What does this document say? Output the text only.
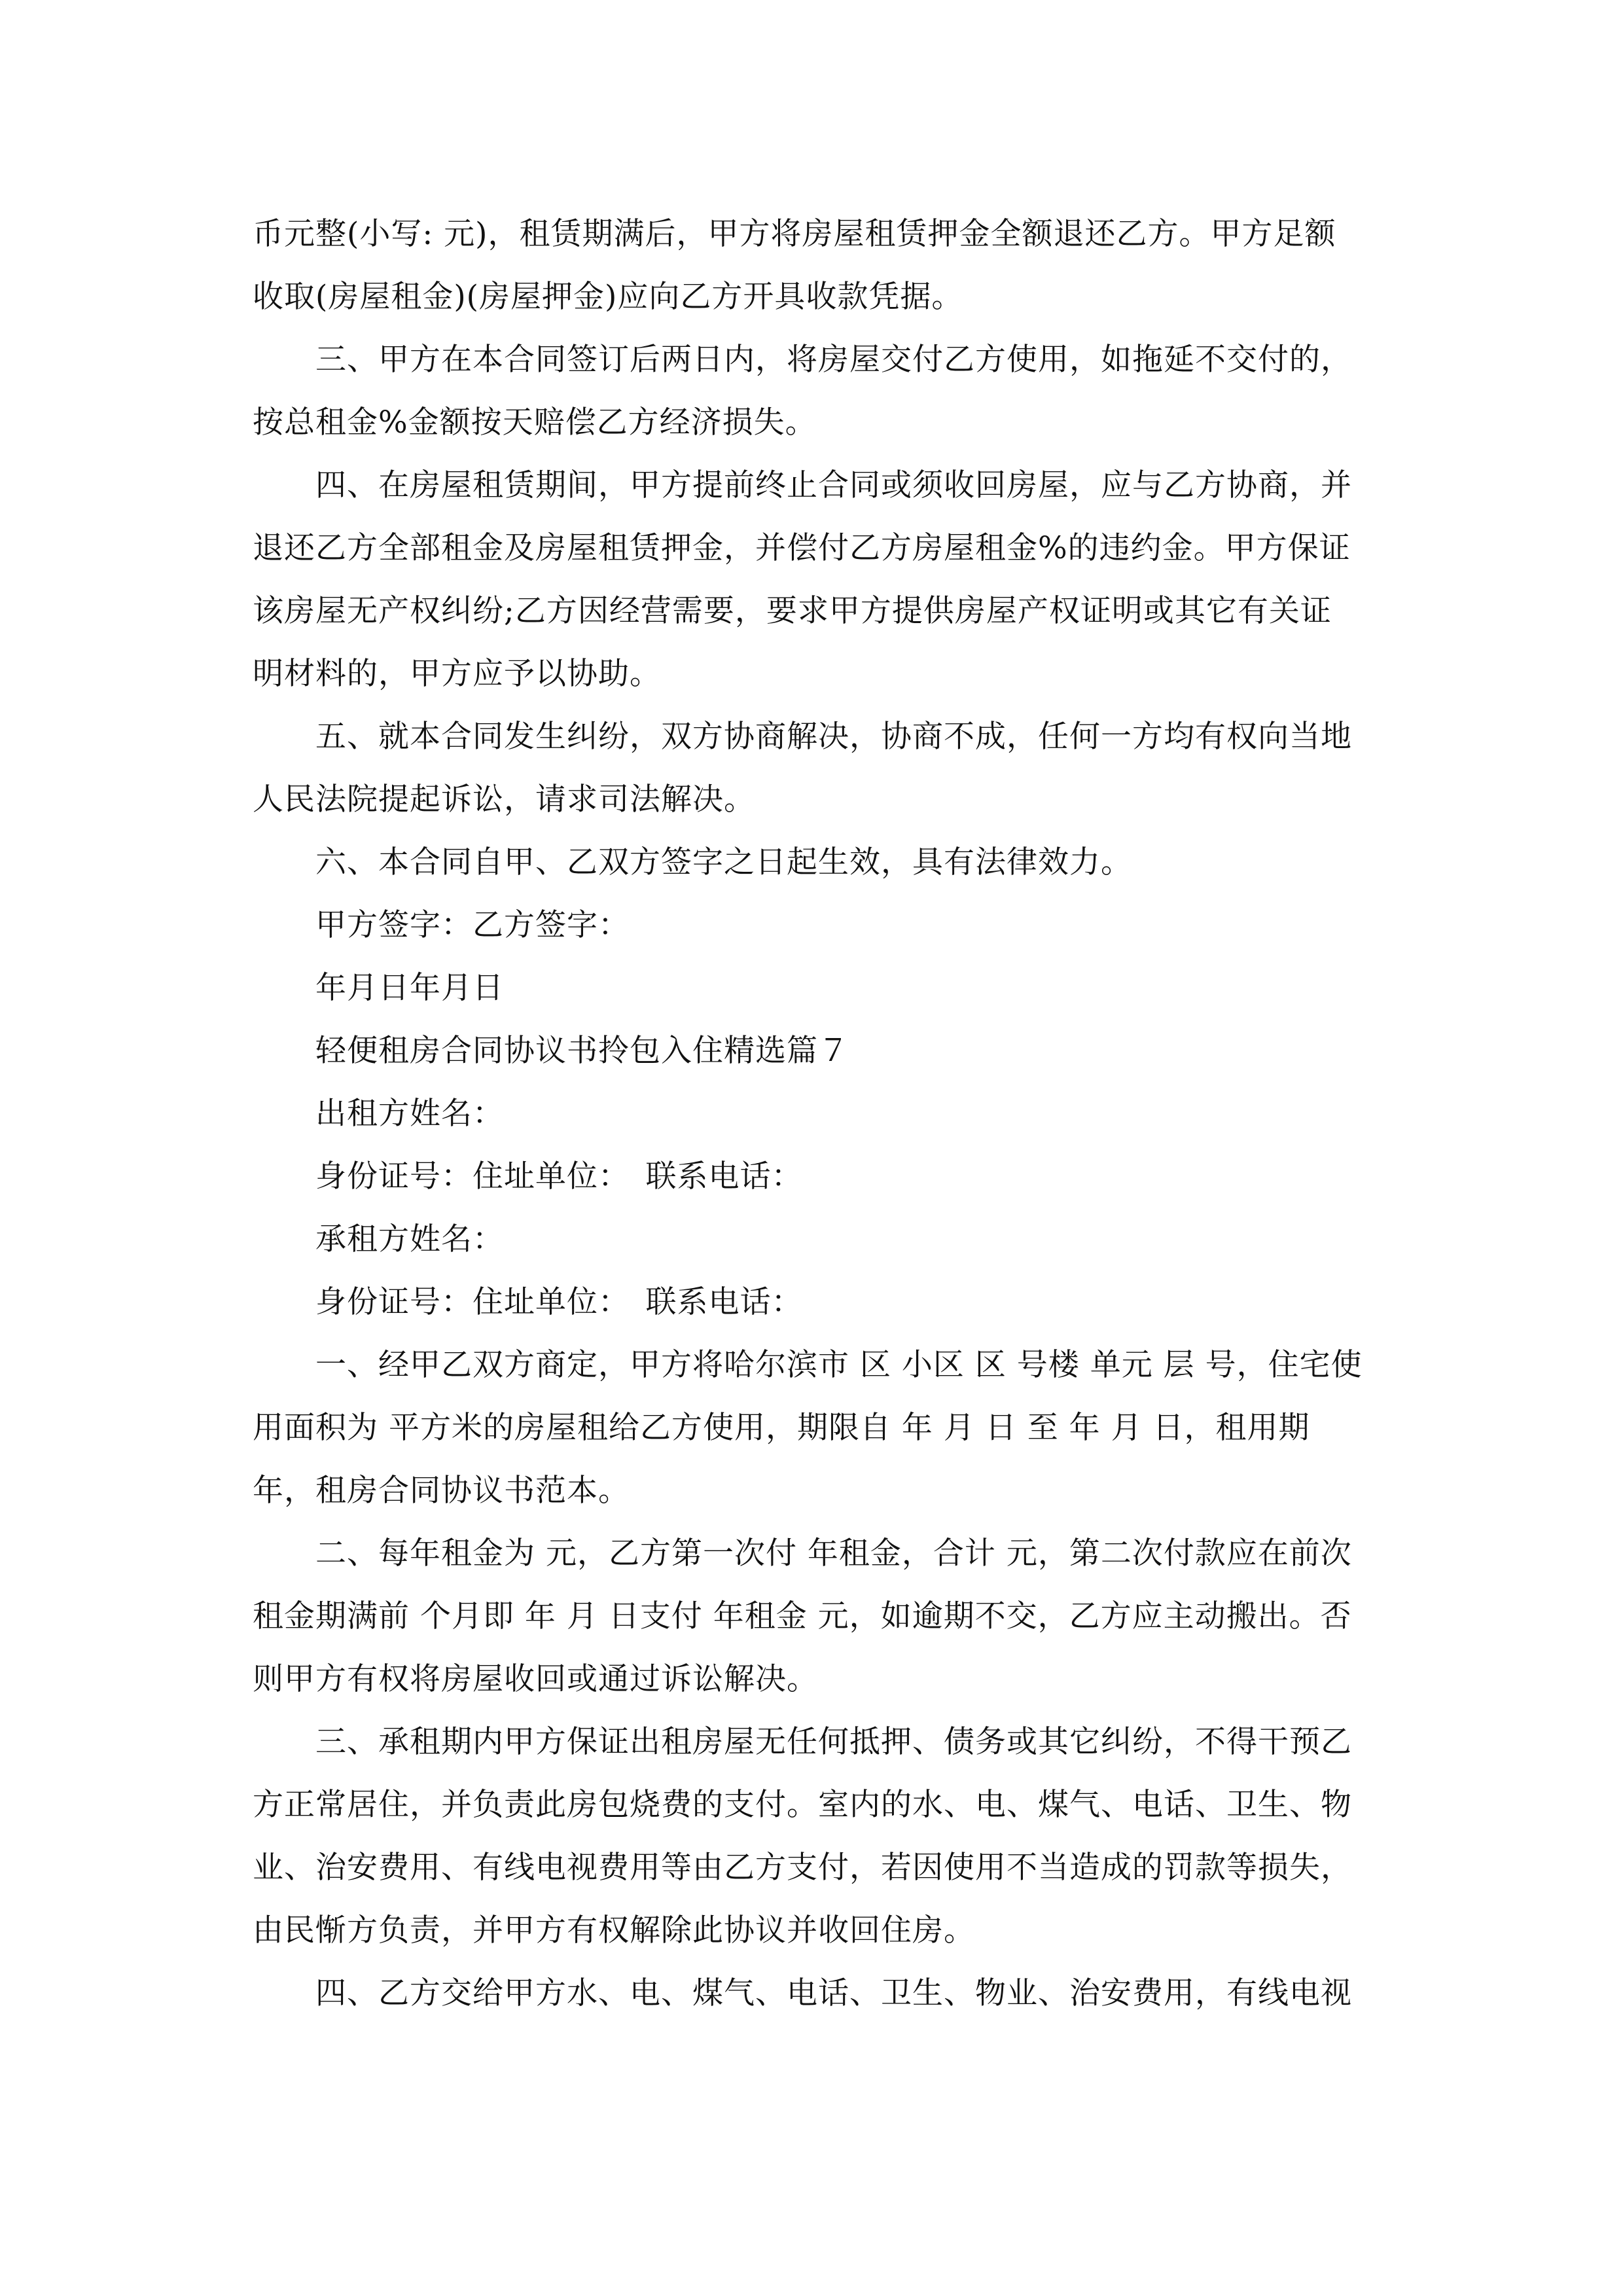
币元整(小写: 元)，租赁期满后，甲方将房屋租赁押金全额退还乙方。甲方足额
收取(房屋租金)(房屋押金)应向乙方开具收款凭据。
三、甲方在本合同签订后两日内，将房屋交付乙方使用，如拖延不交付的，
按总租金%金额按天赔偿乙方经济损失。
四、在房屋租赁期间，甲方提前终止合同或须收回房屋，应与乙方协商，并
退还乙方全部租金及房屋租赁押金，并偿付乙方房屋租金%的违约金。甲方保证
该房屋无产权纠纷;乙方因经营需要，要求甲方提供房屋产权证明或其它有关证
明材料的，甲方应予以协助。
五、就本合同发生纠纷，双方协商解决，协商不成，任何一方均有权向当地
人民法院提起诉讼，请求司法解决。
六、本合同自甲、乙双方签字之日起生效，具有法律效力。
甲方签字：乙方签字：
年月日年月日
轻便租房合同协议书拎包入住精选篇７
出租方姓名：
身份证号：住址单位：　联系电话：
承租方姓名：
身份证号：住址单位：　联系电话：
一、经甲乙双方商定，甲方将哈尔滨市 区 小区 区 号楼 单元 层 号，住宅使
用面积为 平方米的房屋租给乙方使用，期限自 年 月 日 至 年 月 日，租用期
年，租房合同协议书范本。
二、每年租金为 元，乙方第一次付 年租金，合计 元，第二次付款应在前次
租金期满前 个月即 年 月 日支付 年租金 元，如逾期不交，乙方应主动搬出。否
则甲方有权将房屋收回或通过诉讼解决。
三、承租期内甲方保证出租房屋无任何抵押、债务或其它纠纷，不得干预乙
方正常居住，并负责此房包烧费的支付。室内的水、电、煤气、电话、卫生、物
业、治安费用、有线电视费用等由乙方支付，若因使用不当造成的罚款等损失，
由民惭方负责，并甲方有权解除此协议并收回住房。
四、乙方交给甲方水、电、煤气、电话、卫生、物业、治安费用，有线电视
